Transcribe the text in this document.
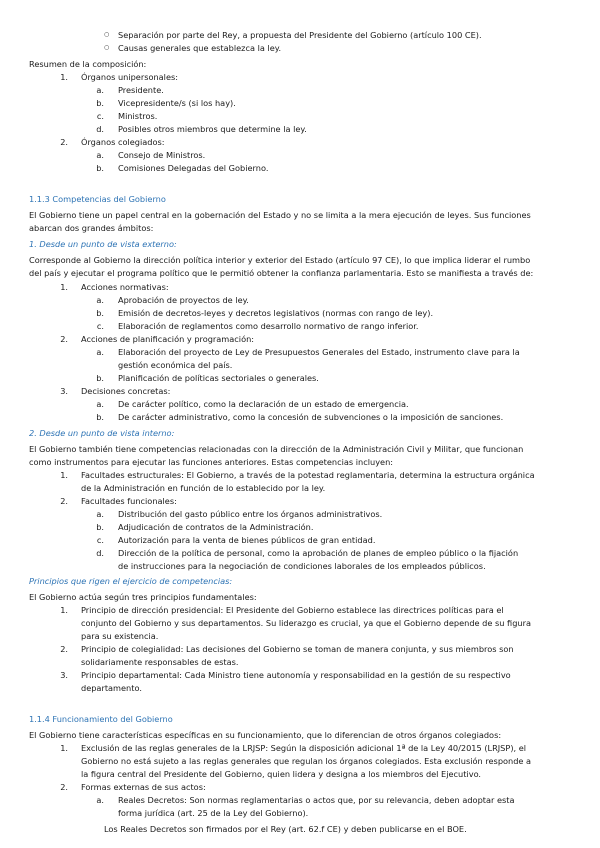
○ Separación por parte del Rey, a propuesta del Presidente del Gobierno (artículo 100 CE).
○ Causas generales que establezca la ley.
Resumen de la composición:
1. Órganos unipersonales:
a. Presidente.
b. Vicepresidente/s (si los hay).
c. Ministros.
d. Posibles otros miembros que determine la ley.
2. Órganos colegiados:
a. Consejo de Ministros.
b. Comisiones Delegadas del Gobierno.
1.1.3 Competencias del Gobierno
El Gobierno tiene un papel central en la gobernación del Estado y no se limita a la mera ejecución de leyes. Sus funciones
abarcan dos grandes ámbitos:
1. Desde un punto de vista externo:
Corresponde al Gobierno la dirección política interior y exterior del Estado (artículo 97 CE), lo que implica liderar el rumbo
del país y ejecutar el programa político que le permitió obtener la confianza parlamentaria. Esto se manifiesta a través de:
1. Acciones normativas:
a. Aprobación de proyectos de ley.
b. Emisión de decretos-leyes y decretos legislativos (normas con rango de ley).
c. Elaboración de reglamentos como desarrollo normativo de rango inferior.
2. Acciones de planificación y programación:
a. Elaboración del proyecto de Ley de Presupuestos Generales del Estado, instrumento clave para la
gestión económica del país.
b. Planificación de políticas sectoriales o generales.
3. Decisiones concretas:
a. De carácter político, como la declaración de un estado de emergencia.
b. De carácter administrativo, como la concesión de subvenciones o la imposición de sanciones.
2. Desde un punto de vista interno:
El Gobierno también tiene competencias relacionadas con la dirección de la Administración Civil y Militar, que funcionan
como instrumentos para ejecutar las funciones anteriores. Estas competencias incluyen:
1. Facultades estructurales: El Gobierno, a través de la potestad reglamentaria, determina la estructura orgánica
de la Administración en función de lo establecido por la ley.
2. Facultades funcionales:
a. Distribución del gasto público entre los órganos administrativos.
b. Adjudicación de contratos de la Administración.
c. Autorización para la venta de bienes públicos de gran entidad.
d. Dirección de la política de personal, como la aprobación de planes de empleo público o la fijación
de instrucciones para la negociación de condiciones laborales de los empleados públicos.
Principios que rigen el ejercicio de competencias:
El Gobierno actúa según tres principios fundamentales:
1. Principio de dirección presidencial: El Presidente del Gobierno establece las directrices políticas para el
conjunto del Gobierno y sus departamentos. Su liderazgo es crucial, ya que el Gobierno depende de su figura
para su existencia.
2. Principio de colegialidad: Las decisiones del Gobierno se toman de manera conjunta, y sus miembros son
solidariamente responsables de estas.
3. Principio departamental: Cada Ministro tiene autonomía y responsabilidad en la gestión de su respectivo
departamento.
1.1.4 Funcionamiento del Gobierno
El Gobierno tiene características específicas en su funcionamiento, que lo diferencian de otros órganos colegiados:
1. Exclusión de las reglas generales de la LRJSP: Según la disposición adicional 1ª de la Ley 40/2015 (LRJSP), el
Gobierno no está sujeto a las reglas generales que regulan los órganos colegiados. Esta exclusión responde a
la figura central del Presidente del Gobierno, quien lidera y designa a los miembros del Ejecutivo.
2. Formas externas de sus actos:
a. Reales Decretos: Son normas reglamentarias o actos que, por su relevancia, deben adoptar esta
forma jurídica (art. 25 de la Ley del Gobierno).
Los Reales Decretos son firmados por el Rey (art. 62.f CE) y deben publicarse en el BOE.
